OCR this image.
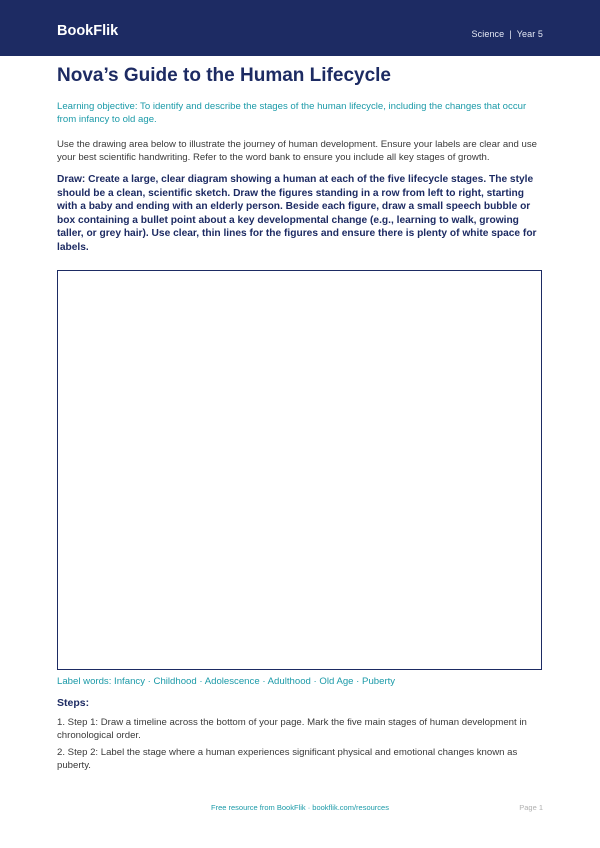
BookFlik	Science | Year 5
Nova’s Guide to the Human Lifecycle

Learning objective: To identify and describe the stages of the human lifecycle, including the changes that occur from infancy to old age.

Use the drawing area below to illustrate the journey of human development. Ensure your labels are clear and use your best scientific handwriting. Refer to the word bank to ensure you include all key stages of growth.

Draw: Create a large, clear diagram showing a human at each of the five lifecycle stages. The style should be a clean, scientific sketch. Draw the figures standing in a row from left to right, starting with a baby and ending with an elderly person. Beside each figure, draw a small speech bubble or box containing a bullet point about a key developmental change (e.g., learning to walk, growing taller, or grey hair). Use clear, thin lines for the figures and ensure there is plenty of white space for labels.

Label words: Infancy · Childhood · Adolescence · Adulthood · Old Age · Puberty

Steps:

1. Step 1: Draw a timeline across the bottom of your page. Mark the five main stages of human development in chronological order.

2. Step 2: Label the stage where a human experiences significant physical and emotional changes known as puberty.

Free resource from BookFlik · bookflik.com/resources	Page 1
